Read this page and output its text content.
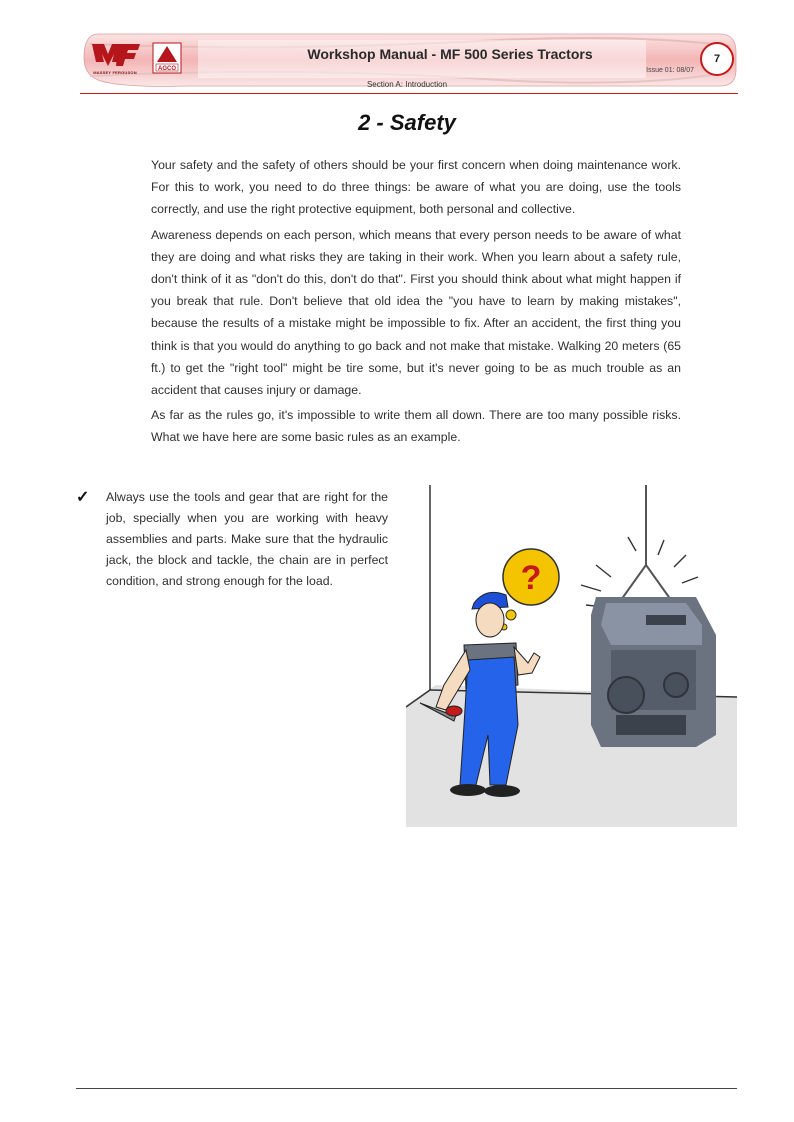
MASSEY FERGUSON
AGCO
Workshop Manual - MF 500 Series Tractors
Issue 01: 08/07
7
Section A: Introduction
2 - Safety

Your safety and the safety of others should be your first concern when doing maintenance work. For this to work, you need to do three things: be aware of what you are doing, use the tools correctly, and use the right protective equipment, both personal and collective.

Awareness depends on each person, which means that every person needs to be aware of what they are doing and what risks they are taking in their work. When you learn about a safety rule, don't think of it as "don't do this, don't do that". First you should think about what might happen if you break that rule. Don't believe that old idea the "you have to learn by making mistakes", because the results of a mistake might be impossible to fix. After an accident, the first thing you think is that you would do anything to go back and not make that mistake. Walking 20 meters (65 ft.) to get the "right tool" might be tire some, but it's never going to be as much trouble as an accident that causes injury or damage.

As far as the rules go, it's impossible to write them all down. There are too many possible risks. What we have here are some basic rules as an example.

✓	Always use the tools and gear that are right for the job, specially when you are working with heavy assemblies and parts. Make sure that the hydraulic jack, the block and tackle, the chain are in perfect condition, and strong enough for the load.	?
